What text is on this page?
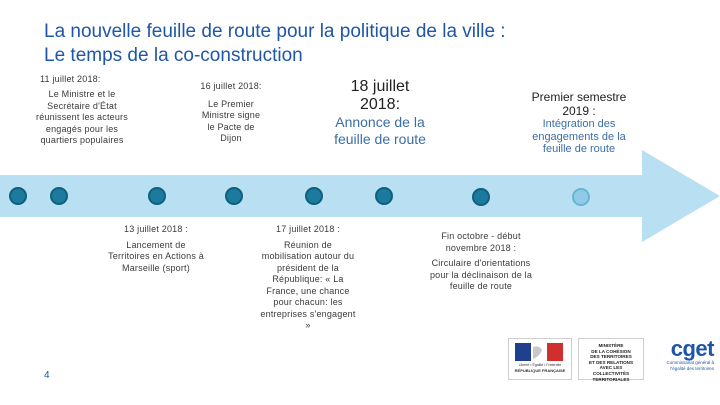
La nouvelle feuille de route pour la politique de la ville :
Le temps de la co-construction
11 juillet 2018:
Le Ministre et le Secrétaire d'État réunissent les acteurs engagés pour les quartiers populaires
16 juillet 2018:
Le Premier Ministre signe le Pacte de Dijon
18 juillet 2018:
Annonce de la feuille de route
Premier semestre 2019 :
Intégration des engagements de la feuille de route
13 juillet 2018 :
Lancement de Territoires en Actions à Marseille (sport)
17 juillet 2018 :
Réunion de mobilisation autour du président de la République: « La France, une chance pour chacun: les entreprises s'engagent »
Fin octobre - début novembre 2018 :
Circulaire d'orientations pour la déclinaison de la feuille de route
4
Liberté • Égalité • Fraternité
RÉPUBLIQUE FRANÇAISE
MINISTÈRE
DE LA COHÉSION
DES TERRITOIRES
ET DES RELATIONS
AVEC LES COLLECTIVITÉS
TERRITORIALES
cget
Commissariat général à l'égalité des territoires
